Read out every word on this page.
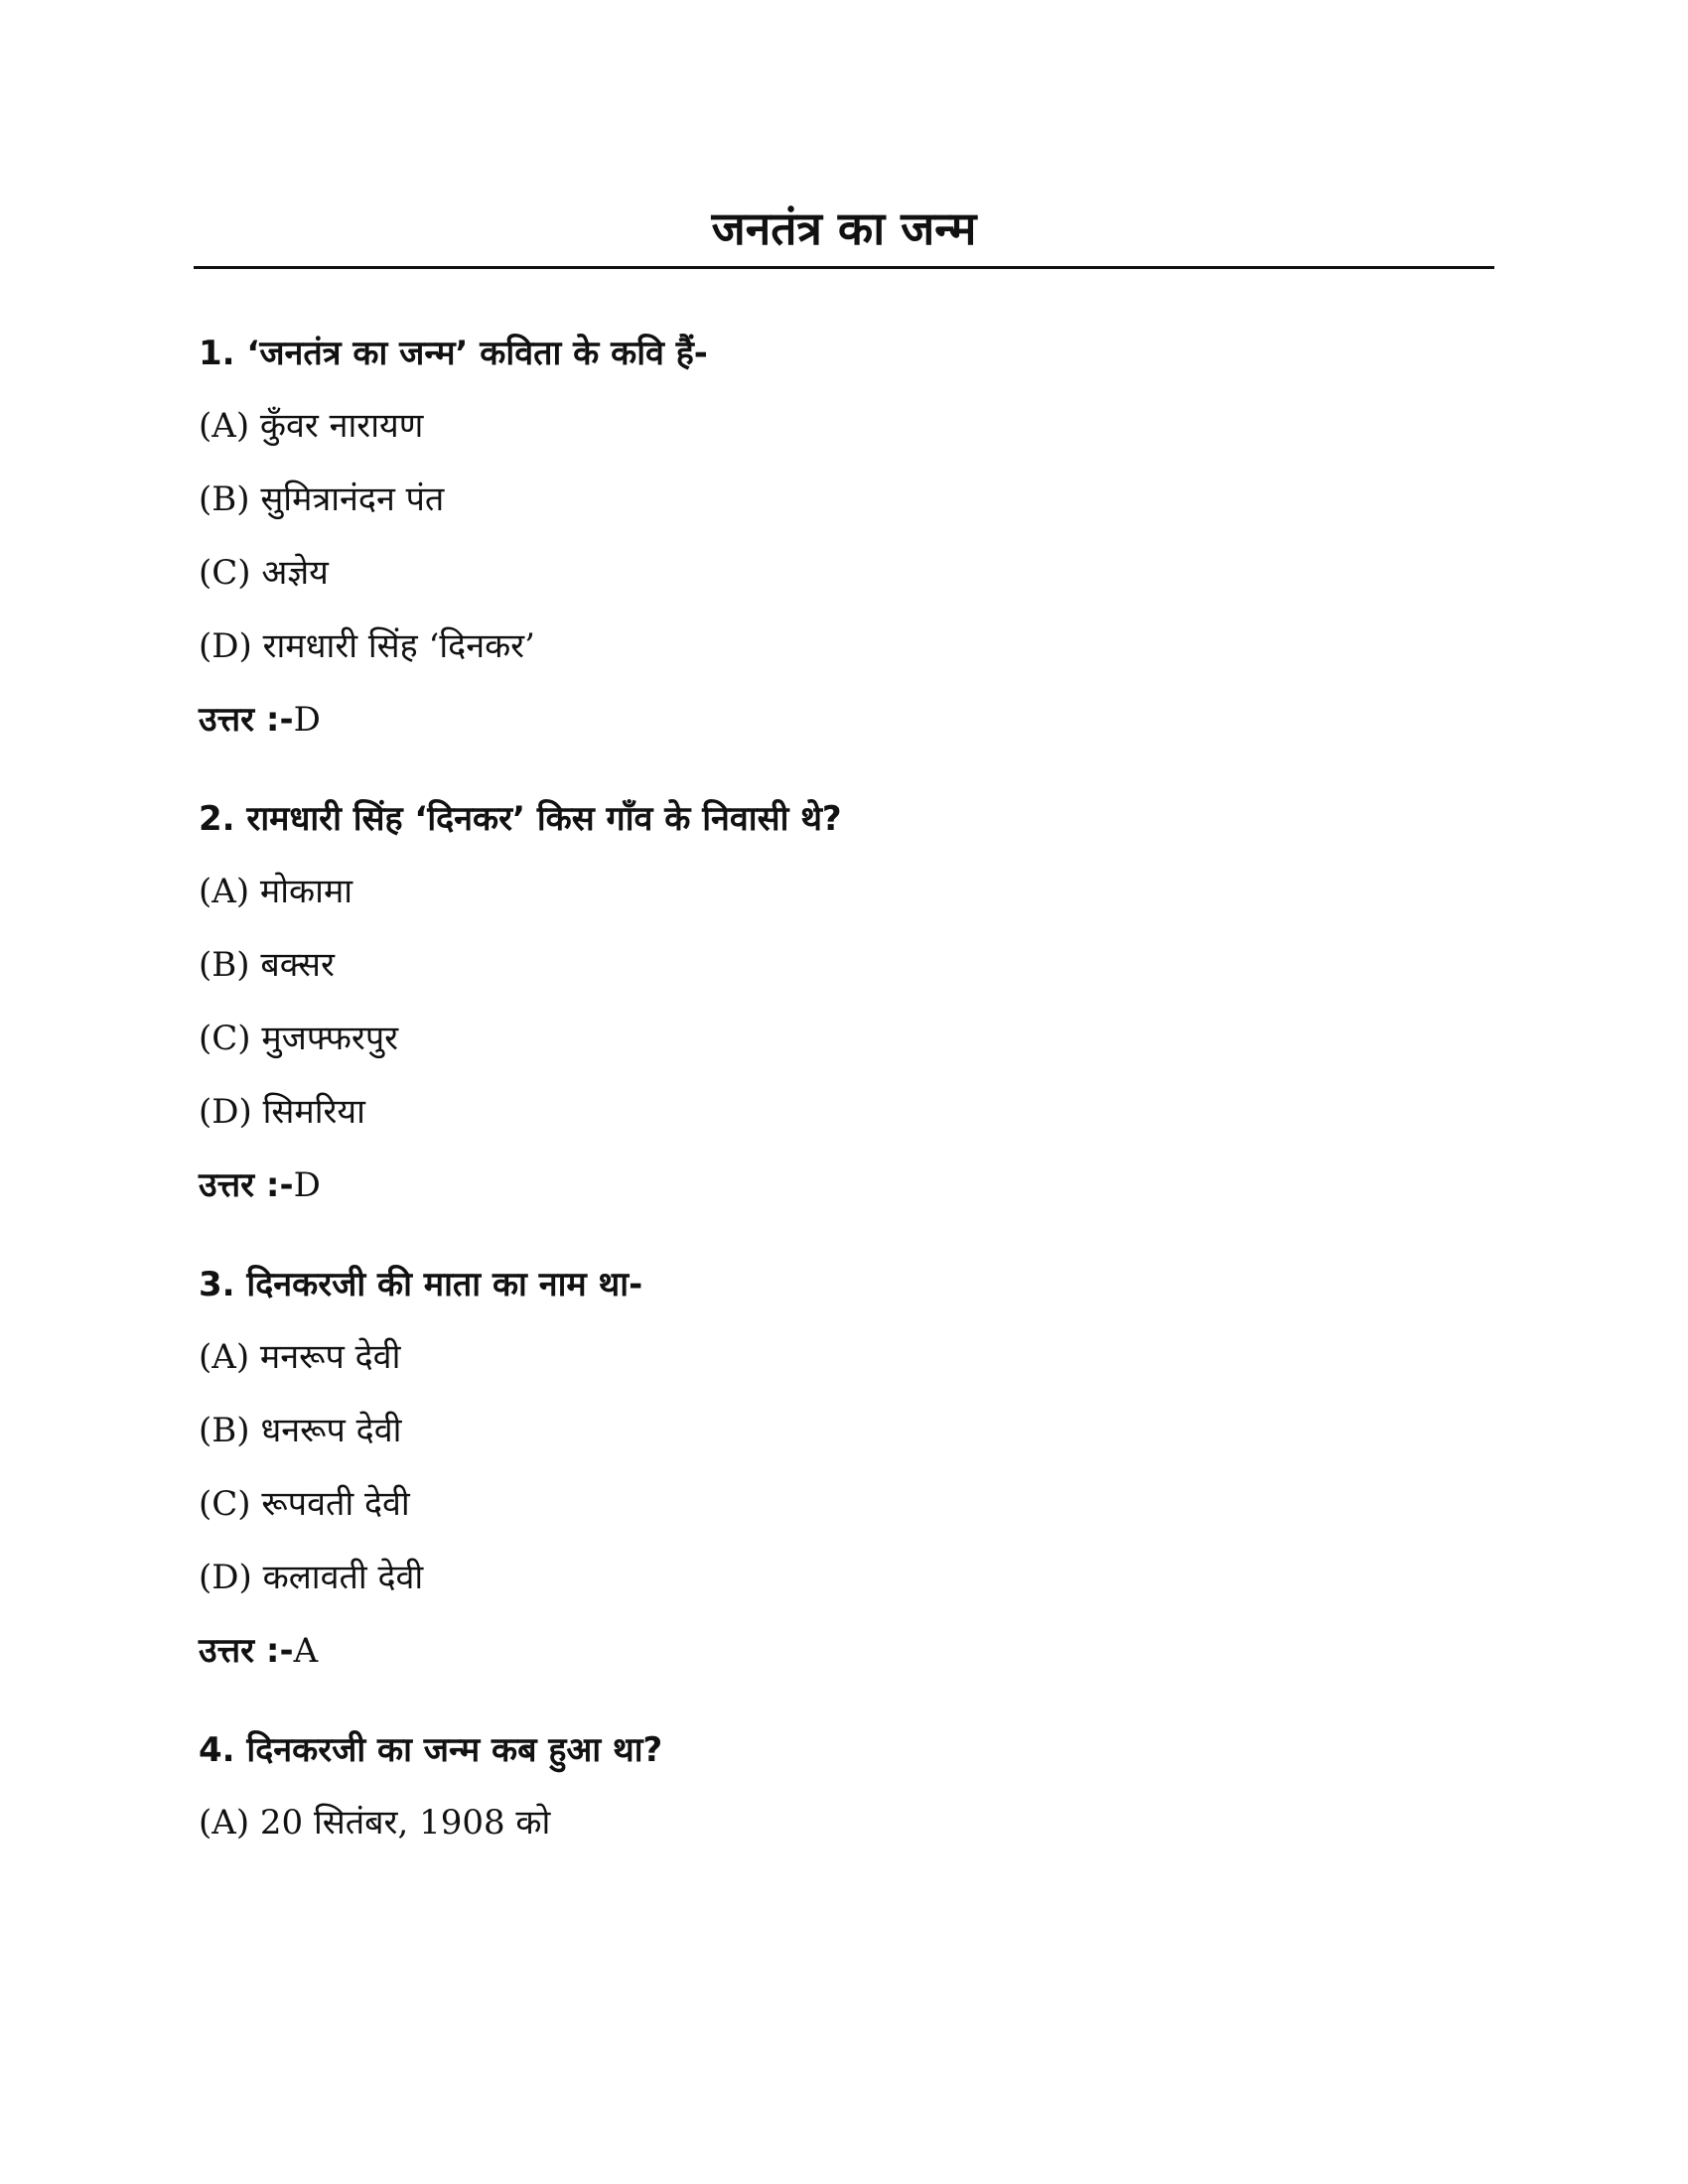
जनतंत्र का जन्म

1. ‘जनतंत्र का जन्म’ कविता के कवि हैं-

(A) कुँवर नारायण

(B) सुमित्रानंदन पंत

(C) अज्ञेय

(D) रामधारी सिंह ‘दिनकर’

उत्तर :-D

2. रामधारी सिंह ‘दिनकर’ किस गाँव के निवासी थे?

(A) मोकामा

(B) बक्सर

(C) मुजफ्फरपुर

(D) सिमरिया

उत्तर :-D

3. दिनकरजी की माता का नाम था-

(A) मनरूप देवी

(B) धनरूप देवी

(C) रूपवती देवी

(D) कलावती देवी

उत्तर :-A

4. दिनकरजी का जन्म कब हुआ था?

(A) 20 सितंबर, 1908 को
